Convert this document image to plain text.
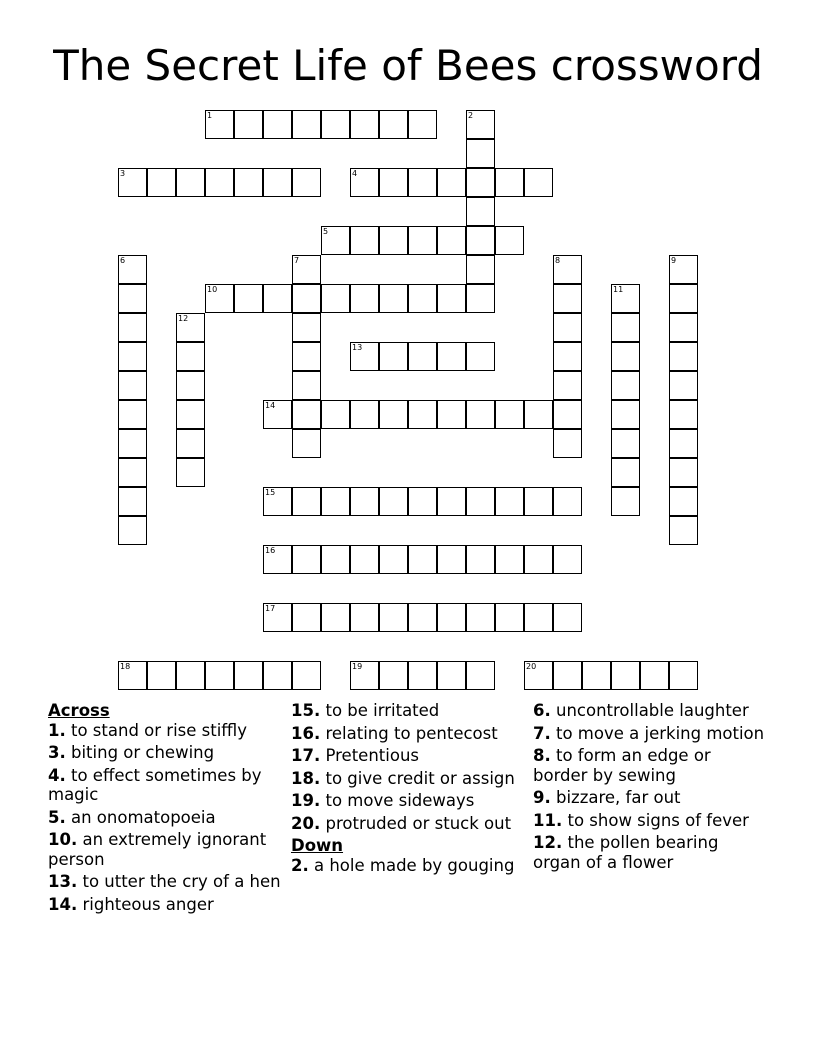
The Secret Life of Bees crossword
1	2
3	4
5
6	7	8	9
10	11
12
13
14
15
16
17
18	19	20
Across
1. to stand or rise stiffly
3. biting or chewing
4. to effect sometimes by magic
5. an onomatopoeia
10. an extremely ignorant person
13. to utter the cry of a hen
14. righteous anger
15. to be irritated
16. relating to pentecost
17. Pretentious
18. to give credit or assign
19. to move sideways
20. protruded or stuck out
Down
2. a hole made by gouging
6. uncontrollable laughter
7. to move a jerking motion
8. to form an edge or border by sewing
9. bizzare, far out
11. to show signs of fever
12. the pollen bearing organ of a flower
